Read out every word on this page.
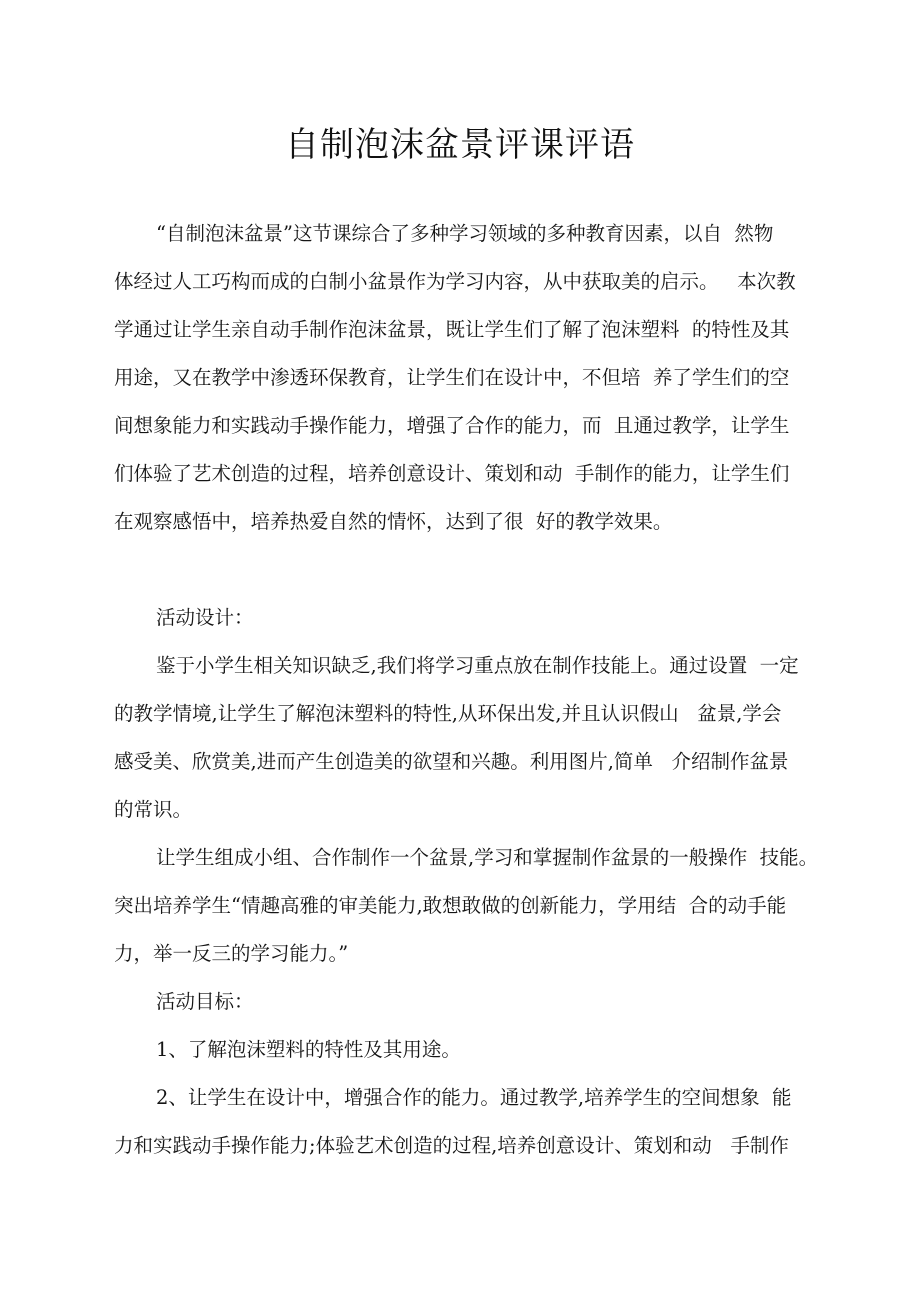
自制泡沫盆景评课评语
“自制泡沫盆景”这节课综合了多种学习领域的多种教育因素，以自  然物
体经过人工巧构而成的白制小盆景作为学习内容，从中获取美的启示。   本次教
学通过让学生亲自动手制作泡沫盆景，既让学生们了解了泡沫塑料  的特性及其
用途，又在教学中渗透环保教育，让学生们在设计中，不但培  养了学生们的空
间想象能力和实践动手操作能力，增强了合作的能力，而  且通过教学，让学生
们体验了艺术创造的过程，培养创意设计、策划和动  手制作的能力，让学生们
在观察感悟中，培养热爱自然的情怀，达到了很  好的教学效果。
活动设计：
鉴于小学生相关知识缺乏,我们将学习重点放在制作技能上。通过设置  一定
的教学情境,让学生了解泡沫塑料的特性,从环保出发,并且认识假山   盆景,学会
感受美、欣赏美,进而产生创造美的欲望和兴趣。利用图片,简单   介绍制作盆景
的常识。
让学生组成小组、合作制作一个盆景,学习和掌握制作盆景的一般操作  技能。
突出培养学生“情趣高雅的审美能力,敢想敢做的创新能力，学用结  合的动手能
力，举一反三的学习能力。”
活动目标：
1、了解泡沫塑料的特性及其用途。
2、让学生在设计中，增强合作的能力。通过教学,培养学生的空间想象  能
力和实践动手操作能力;体验艺术创造的过程,培养创意设计、策划和动   手制作
